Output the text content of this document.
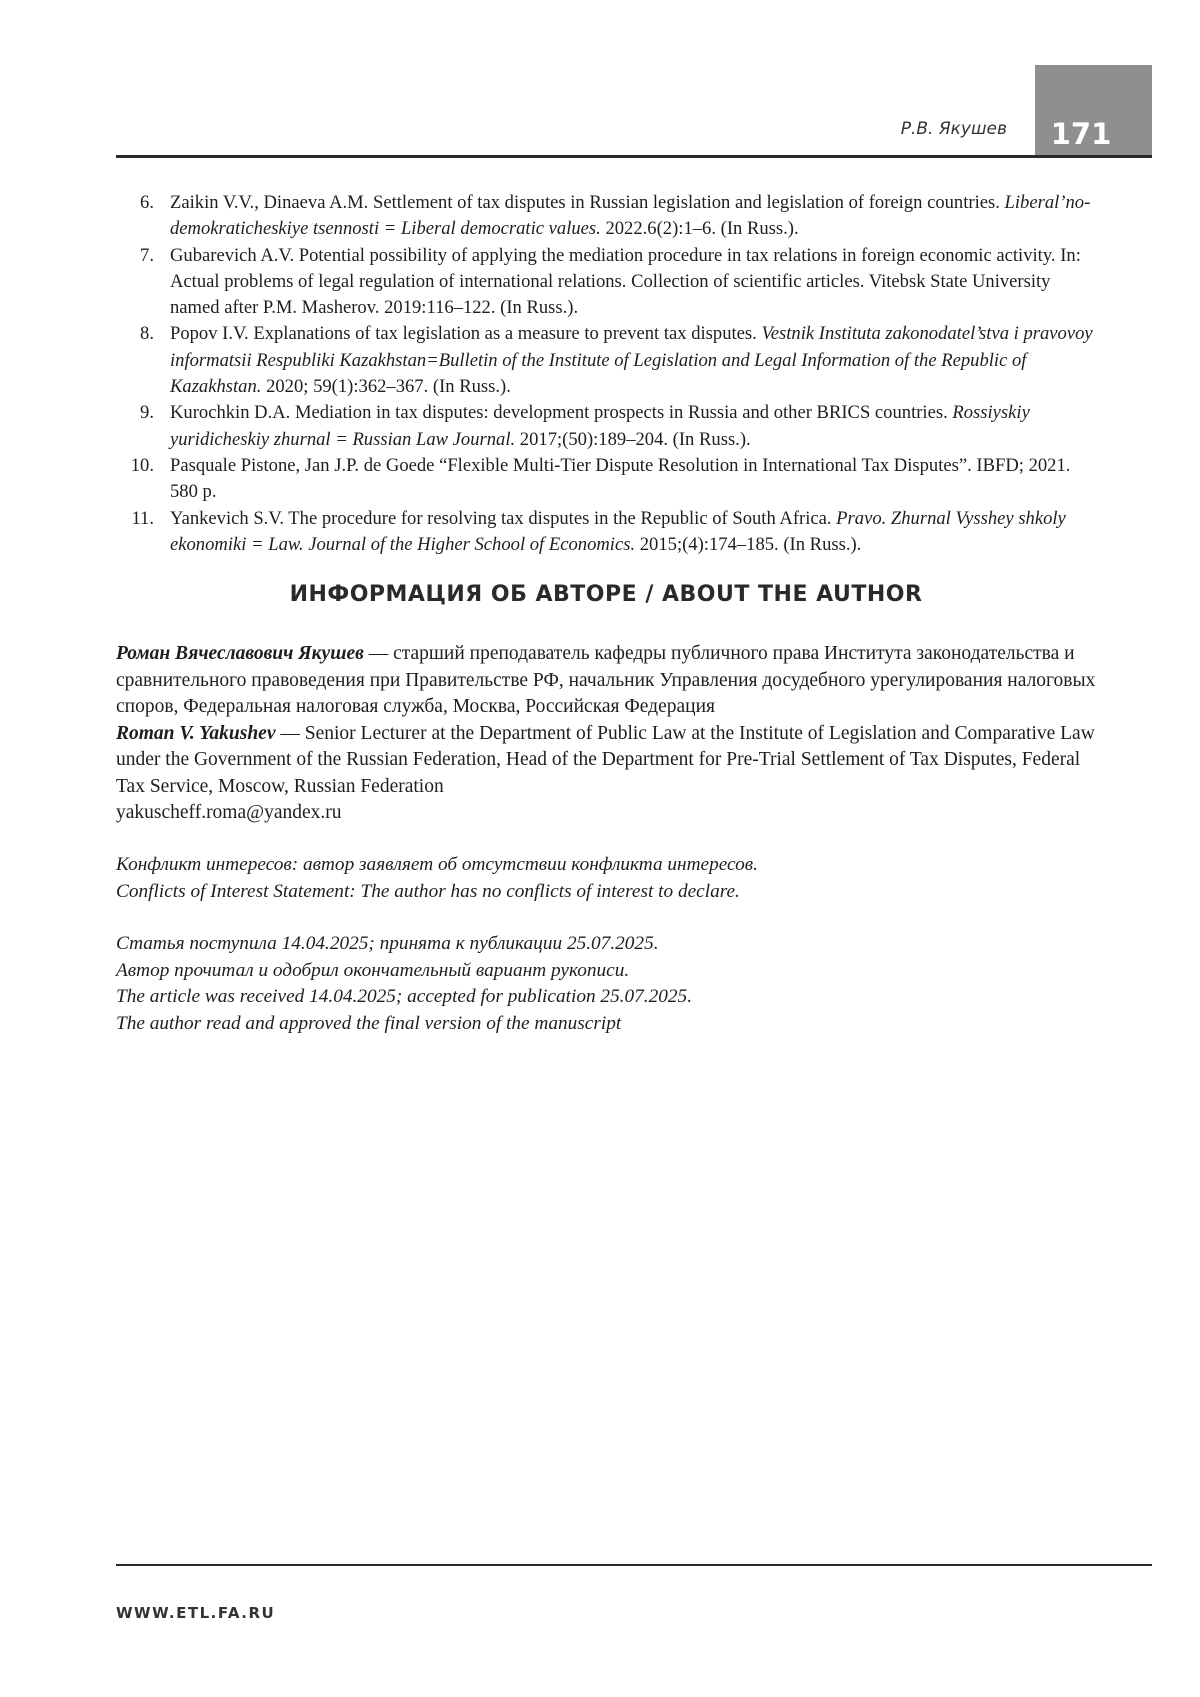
171
Р.В. Якушев
6. Zaikin V.V., Dinaeva A.M. Settlement of tax disputes in Russian legislation and legislation of foreign countries. Liberal’no-demokraticheskiye tsennosti = Liberal democratic values. 2022.6(2):1–6. (In Russ.).
7. Gubarevich A.V. Potential possibility of applying the mediation procedure in tax relations in foreign economic activity. In: Actual problems of legal regulation of international relations. Collection of scientific articles. Vitebsk State University named after P.M. Masherov. 2019:116–122. (In Russ.).
8. Popov I.V. Explanations of tax legislation as a measure to prevent tax disputes. Vestnik Instituta zakonodatel’stva i pravovoy informatsii Respubliki Kazakhstan=Bulletin of the Institute of Legislation and Legal Information of the Republic of Kazakhstan. 2020; 59(1):362–367. (In Russ.).
9. Kurochkin D.A. Mediation in tax disputes: development prospects in Russia and other BRICS countries. Rossiyskiy yuridicheskiy zhurnal = Russian Law Journal. 2017;(50):189–204. (In Russ.).
10. Pasquale Pistone, Jan J.P. de Goede “Flexible Multi-Tier Dispute Resolution in International Tax Disputes”. IBFD; 2021. 580 p.
11. Yankevich S.V. The procedure for resolving tax disputes in the Republic of South Africa. Pravo. Zhurnal Vysshey shkoly ekonomiki = Law. Journal of the Higher School of Economics. 2015;(4):174–185. (In Russ.).
ИНФОРМАЦИЯ ОБ АВТОРЕ / ABOUT THE AUTHOR

Роман Вячеславович Якушев — старший преподаватель кафедры публичного права Института законодательства и сравнительного правоведения при Правительстве РФ, начальник Управления досудебного урегулирования налоговых споров, Федеральная налоговая служба, Москва, Российская Федерация

Roman V. Yakushev — Senior Lecturer at the Department of Public Law at the Institute of Legislation and Comparative Law under the Government of the Russian Federation, Head of the Department for Pre-Trial Settlement of Tax Disputes, Federal Tax Service, Moscow, Russian Federation

yakuscheff.roma@yandex.ru

Конфликт интересов: автор заявляет об отсутствии конфликта интересов.
Conflicts of Interest Statement: The author has no conflicts of interest to declare.
Статья поступила 14.04.2025; принята к публикации 25.07.2025.
Автор прочитал и одобрил окончательный вариант рукописи.
The article was received 14.04.2025; accepted for publication 25.07.2025.
The author read and approved the final version of the manuscript
WWW.ETL.FA.RU
